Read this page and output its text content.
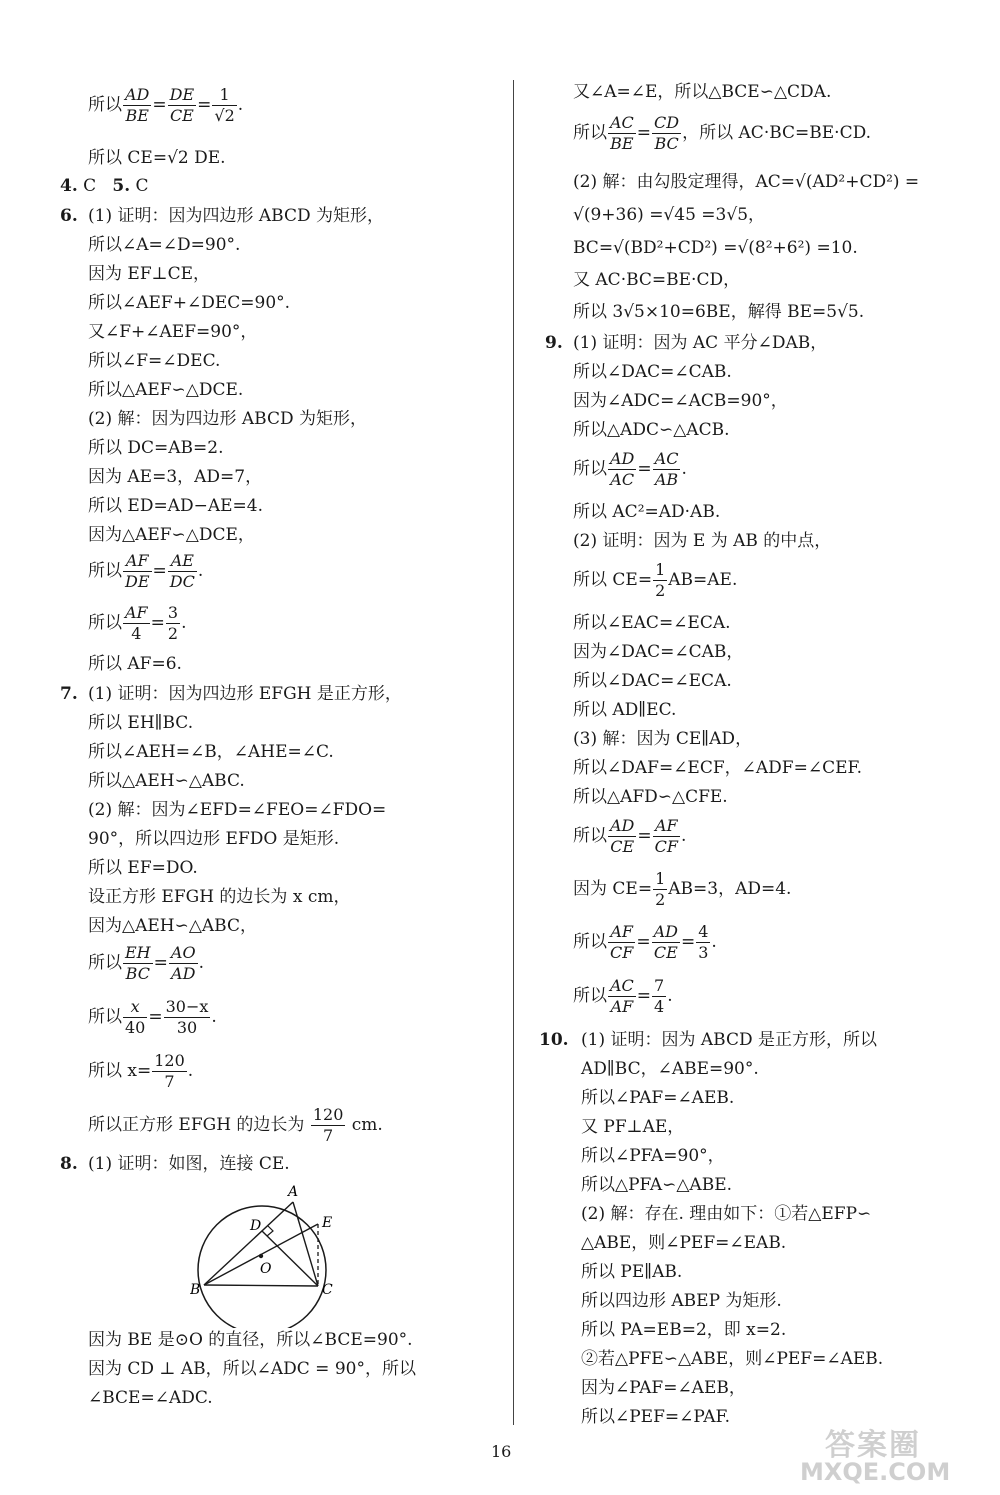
所以 $\frac{AD}{BE} = \frac{DE}{CE} = \frac{1}{√2}$ .
所以 CE=√2 DE.
4. C 5. C
6. (1) 证明：因为四边形 ABCD 为矩形，
所以∠A=∠D=90°.
因为 EF⊥CE，
所以∠AEF+∠DEC=90°.
又∠F+∠AEF=90°，
所以∠F=∠DEC.
所以△AEF∽△DCE.
(2) 解：因为四边形 ABCD 为矩形，
所以 DC=AB=2.
因为 AE=3，AD=7，
所以 ED=AD−AE=4.
因为△AEF∽△DCE，
所以 $\frac{AF}{DE} = \frac{AE}{DC}$ .
所以 $\frac{AF}{4} = \frac{3}{2}$ .
所以 AF=6.
7. (1) 证明：因为四边形 EFGH 是正方形，
所以 EH∥BC.
所以∠AEH=∠B，∠AHE=∠C.
所以△AEH∽△ABC.
(2) 解：因为∠EFD=∠FEO=∠FDO=
90°，所以四边形 EFDO 是矩形.
所以 EF=DO.
设正方形 EFGH 的边长为 x cm，
因为△AEH∽△ABC，
所以 $\frac{EH}{BC} = \frac{AO}{AD}$ .
所以 $\frac{x}{40} = \frac{30-x}{30}$ .
所以 $x= \frac{120}{7}$ .
所以正方形 EFGH 的边长为 $\frac{120}{7}$ cm.
8. (1) 证明：如图，连接 CE.
因为 BE 是⊙O 的直径，所以∠BCE=90°.
因为 CD ⊥ AB，所以∠ADC = 90°，所以
∠BCE=∠ADC.
A
B	C
D	E
O
又∠A=∠E，所以△BCE∽△CDA.
所以 $\frac{AC}{BE} = \frac{CD}{BC}$ ，所以 AC·BC=BE·CD.
(2) 解：由勾股定理得，AC=√(AD²+CD²) =
√(9+36) =√45 =3√5，
BC=√(BD²+CD²) =√(8²+6²) =10.
又 AC·BC=BE·CD，
所以 3√5×10=6BE，解得 BE=5√5.
9. (1) 证明：因为 AC 平分∠DAB，
所以∠DAC=∠CAB.
因为∠ADC=∠ACB=90°，
所以△ADC∽△ACB.
所以 $\frac{AD}{AC} = \frac{AC}{AB}$ .
所以 AC²=AD·AB.
(2) 证明：因为 E 为 AB 的中点，
所以 $CE= \frac{1}{2} AB=AE$.
所以∠EAC=∠ECA.
因为∠DAC=∠CAB，
所以∠DAC=∠ECA.
所以 AD∥EC.
(3) 解：因为 CE∥AD，
所以∠DAF=∠ECF，∠ADF=∠CEF.
所以△AFD∽△CFE.
所以 $\frac{AD}{CE} = \frac{AF}{CF}$ .
因为 $CE= \frac{1}{2} AB=3$，AD=4.
所以 $\frac{AF}{CF} = \frac{AD}{CE} = \frac{4}{3}$ .
所以 $\frac{AC}{AF} = \frac{7}{4}$ .
10. (1) 证明：因为 ABCD 是正方形，所以
AD∥BC，∠ABE=90°.
所以∠PAF=∠AEB.
又 PF⊥AE，
所以∠PFA=90°，
所以△PFA∽△ABE.
(2) 解：存在. 理由如下：①若△EFP∽
△ABE，则∠PEF=∠EAB.
所以 PE∥AB.
所以四边形 ABEP 为矩形.
所以 PA=EB=2，即 x=2.
②若△PFE∽△ABE，则∠PEF=∠AEB.
因为∠PAF=∠AEB，
所以∠PEF=∠PAF.
16	答案圈
MXQE.COM
